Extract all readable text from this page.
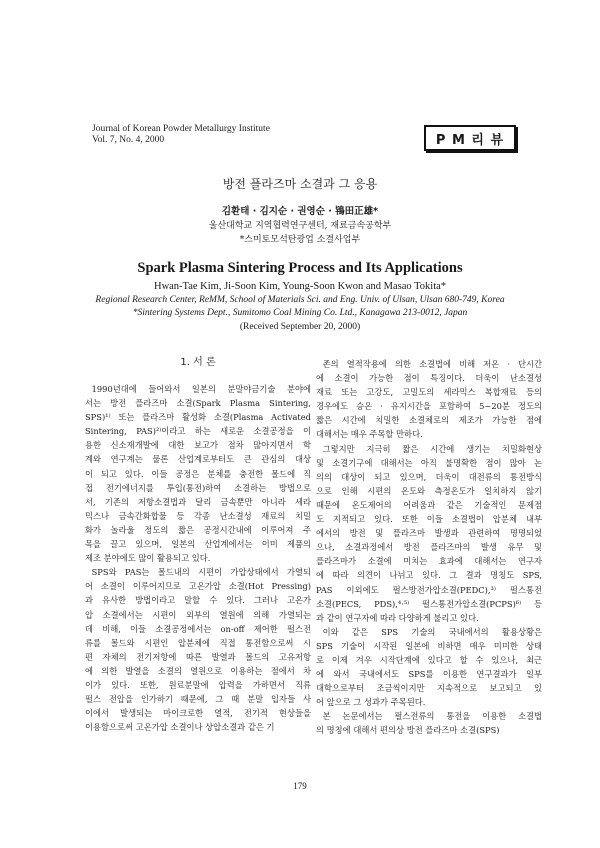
Journal of Korean Powder Metallurgy Institute
Vol. 7, No. 4, 2000	P M 리 뷰
방전 플라즈마 소결과 그 응용
김환태 · 김지순 · 권영순 · 鴇田正雄*
울산대학교 지역협력연구센터, 재료금속공학부
*스미토모석탄광업 소결사업부
Spark Plasma Sintering Process and Its Applications
Hwan-Tae Kim, Ji-Soon Kim, Young-Soon Kwon and Masao Tokita*
Regional Research Center, ReMM, School of Materials Sci. and Eng. Univ. of Ulsan, Ulsan 680-749, Korea
*Sintering Systems Dept., Sumitomo Coal Mining Co. Ltd., Kanagawa 213-0012, Japan
(Received September 20, 2000)
1. 서 론
1990년대에 들어와서 일본의 분말야금기술 분야에
서는 방전 플라즈마 소결(Spark Plasma Sintering,
SPS)¹⁾ 또는 플라즈마 활성화 소결(Plasma Activated
Sintering, PAS)²⁾이라고 하는 새로운 소결공정을 이
용한 신소재개발에 대한 보고가 점차 많아지면서 학
계와 연구계는 물론 산업계로부터도 큰 관심의 대상
이 되고 있다. 이들 공정은 분체를 충전한 몰드에 직
접 전기에너지를 투입(통전)하여 소결하는 방법으로
서, 기존의 저항소결법과 달리 금속뿐만 아니라 세라
믹스나 금속간화합물 등 각종 난소결성 재료의 치밀
화가 놀라울 정도의 짧은 공정시간내에 이루어져 주
목을 끌고 있으며, 일본의 산업계에서는 이미 제품의
제조 분야에도 많이 활용되고 있다.
SPS와 PAS는 몰드내의 시편이 가압상태에서 가열되
어 소결이 이루어지므로 고온가압 소결(Hot Pressing)
과 유사한 방법이라고 말할 수 있다. 그러나 고온가
압 소결에서는 시편이 외부의 열원에 의해 가열되는
데 비해, 이들 소결공정에서는 on-off 제어한 펄스전
류를 몰드와 시편인 압분체에 직접 통전함으로써 시
편 자체의 전기저항에 따른 발열과 몰드의 고유저항
에 의한 발열을 소결의 열원으로 이용하는 점에서 차
이가 있다. 또한, 원료분말에 압력을 가하면서 직류
펄스 전압을 인가하기 때문에, 그 때 분말 입자들 사
이에서 발생되는 마이크로한 열적, 전기적 현상들을
이용함으로써 고온가압 소결이나 상압소결과 같은 기
존의 열적작용에 의한 소결법에 비해 저온 · 단시간
에 소결이 가능한 점이 특징이다. 더욱이 난소결성
재료 또는 고강도, 고밀도의 세라믹스 복합재료 등의
경우에도 승온 · 유지시간을 포함하여 5~20분 정도의
짧은 시간에 치밀한 소결체로의 제조가 가능한 점에
대해서는 매우 주목할 만하다.
그렇지만 지극히 짧은 시간에 생기는 치밀화현상
및 소결기구에 대해서는 아직 불명확한 점이 많아 논
의의 대상이 되고 있으며, 더욱이 대전류의 통전방식
으로 인해 시편의 온도와 측정온도가 일치하지 않기
때문에 온도제어의 어려움과 같은 기술적인 문제점
도 지적되고 있다. 또한 이들 소결법이 압분체 내부
에서의 방전 및 플라즈마 발생과 관련하여 명명되었
으나, 소결과정에서 방전 플라즈마의 발생 유무 및
플라즈마가 소결에 미치는 효과에 대해서는 연구자
에 따라 의견이 나뉘고 있다. 그 결과 명칭도 SPS,
PAS 이외에도 펄스방전가압소결(PEDC),³⁾ 펄스통전
소결(PECS, PDS),⁴·⁵⁾ 펄스통전가압소결(PCPS)⁶⁾ 등
과 같이 연구자에 따라 다양하게 불리고 있다.
이와 같은 SPS 기술의 국내에서의 활용상황은
SPS 기술이 시작된 일본에 비하면 매우 미미한 상태
로 이제 겨우 시작단계에 있다고 할 수 있으나, 최근
에 와서 국내에서도 SPS를 이용한 연구결과가 일부
대학으로부터 조금씩이지만 지속적으로 보고되고 있
어 앞으로 그 성과가 주목된다.
본 논문에서는 펄스전류의 통전을 이용한 소결법
의 명칭에 대해서 편의상 방전 플라즈마 소결(SPS)
179
